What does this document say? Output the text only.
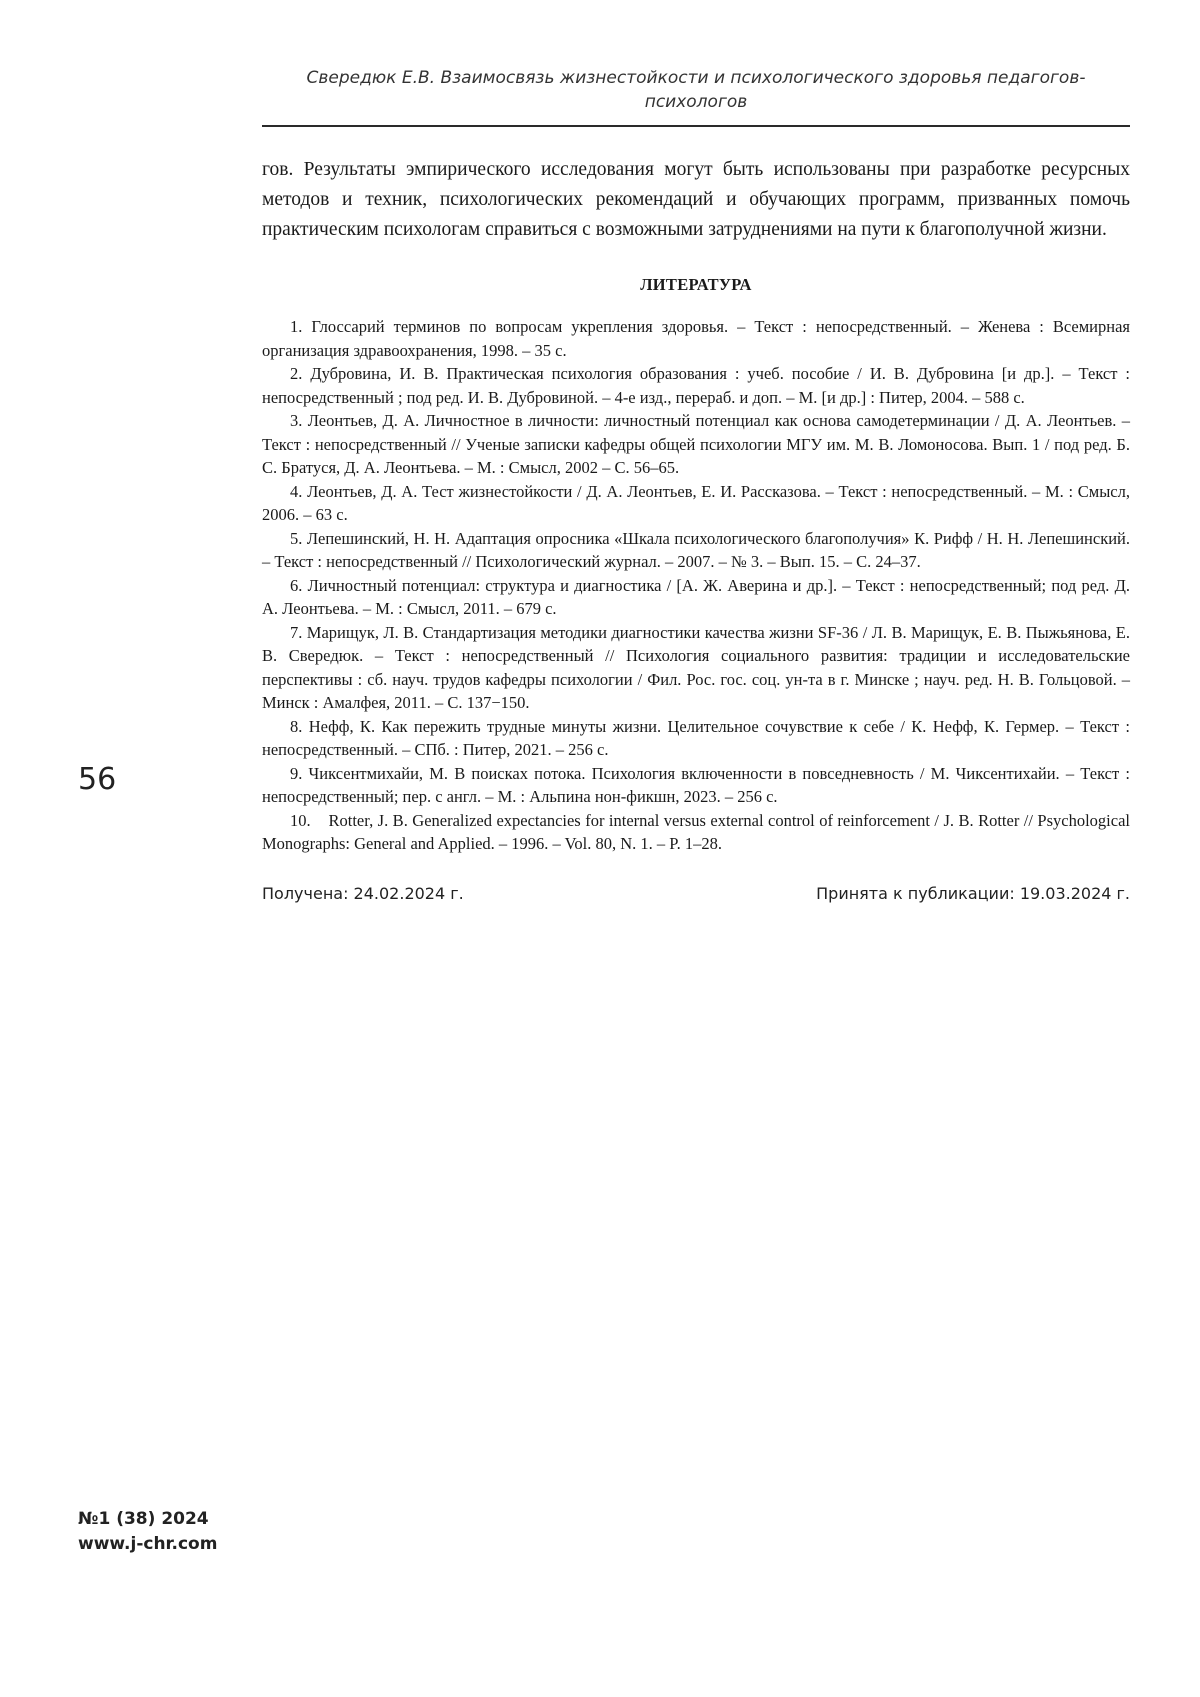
Сверeдюк Е.В. Взаимосвязь жизнестойкости и психологического здоровья педагогов-психологов

гов. Результаты эмпирического исследования могут быть использованы при разработке ресурсных методов и техник, психологических рекомендаций и обучающих программ, призванных помочь практическим психологам справиться с возможными затруднениями на пути к благополучной жизни.

ЛИТЕРАТУРА
1. Глоссарий терминов по вопросам укрепления здоровья. – Текст : непосредственный. – Женева : Всемирная организация здравоохранения, 1998. – 35 с.
2. Дубровина, И. В. Практическая психология образования : учеб. пособие / И. В. Дубровина [и др.]. – Текст : непосредственный ; под ред. И. В. Дубровиной. – 4-е изд., перераб. и доп. – М. [и др.] : Питер, 2004. – 588 с.
3. Леонтьев, Д. А. Личностное в личности: личностный потенциал как основа самодетерминации / Д. А. Леонтьев. – Текст : непосредственный // Ученые записки кафедры общей психологии МГУ им. М. В. Ломоносова. Вып. 1 / под ред. Б. С. Братуся, Д. А. Леонтьева. – М. : Смысл, 2002 – С. 56–65.
4. Леонтьев, Д. А. Тест жизнестойкости / Д. А. Леонтьев, Е. И. Рассказова. – Текст : непосредственный. – М. : Смысл, 2006. – 63 с.
5. Лепешинский, Н. Н. Адаптация опросника «Шкала психологического благополучия» К. Рифф / Н. Н. Лепешинский. – Текст : непосредственный // Психологический журнал. – 2007. – № 3. – Вып. 15. – С. 24–37.
6. Личностный потенциал: структура и диагностика / [А. Ж. Аверина и др.]. – Текст : непосредственный; под ред. Д. А. Леонтьева. – М. : Смысл, 2011. – 679 с.
7. Марищук, Л. В. Стандартизация методики диагностики качества жизни SF-36 / Л. В. Марищук, Е. В. Пыжьянова, Е. В. Сверeдюк. – Текст : непосредственный // Психология социального развития: традиции и исследовательские перспективы : сб. науч. трудов кафедры психологии / Фил. Рос. гос. соц. ун-та в г. Минске ; науч. ред. Н. В. Гольцовой. – Минск : Амалфея, 2011. – С. 137−150.
8. Нефф, К. Как пережить трудные минуты жизни. Целительное сочувствие к себе / К. Нефф, К. Гермер. – Текст : непосредственный. – СПб. : Питер, 2021. – 256 с.
9. Чиксентмихайи, М. В поисках потока. Психология включенности в повседневность / М. Чиксентихайи. – Текст : непосредственный; пер. с англ. – М. : Альпина нон-фикшн, 2023. – 256 с.
10.    Rotter, J. B. Generalized expectancies for internal versus external control of reinforcement / J. B. Rotter // Psychological Monographs: General and Applied. – 1996. – Vol. 80, N. 1. – P. 1–28.
Получена: 24.02.2024 г.	Принята к публикации: 19.03.2024 г.
56
№1 (38) 2024
www.j-chr.com
